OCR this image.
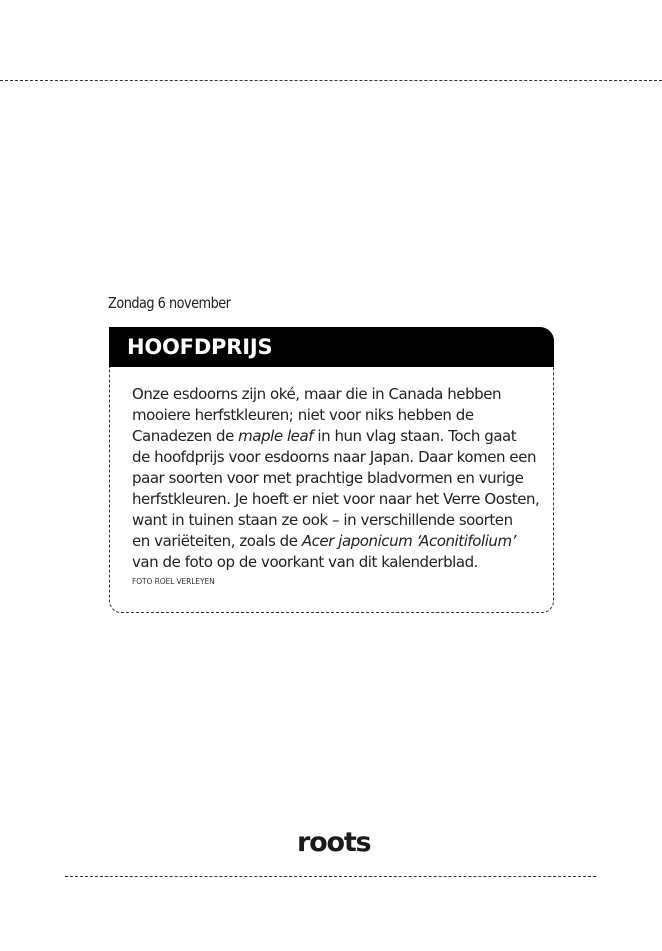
Zondag 6 november
HOOFDPRIJS

Onze esdoorns zijn oké, maar die in Canada hebben
mooiere herfstkleuren; niet voor niks hebben de
Canadezen de maple leaf in hun vlag staan. Toch gaat
de hoofdprijs voor esdoorns naar Japan. Daar komen een
paar soorten voor met prachtige bladvormen en vurige
herfstkleuren. Je hoeft er niet voor naar het Verre Oosten,
want in tuinen staan ze ook – in verschillende soorten
en variëteiten, zoals de Acer japonicum ‘Aconitifolium’
van de foto op de voorkant van dit kalenderblad.

FOTO ROEL VERLEYEN
roots
